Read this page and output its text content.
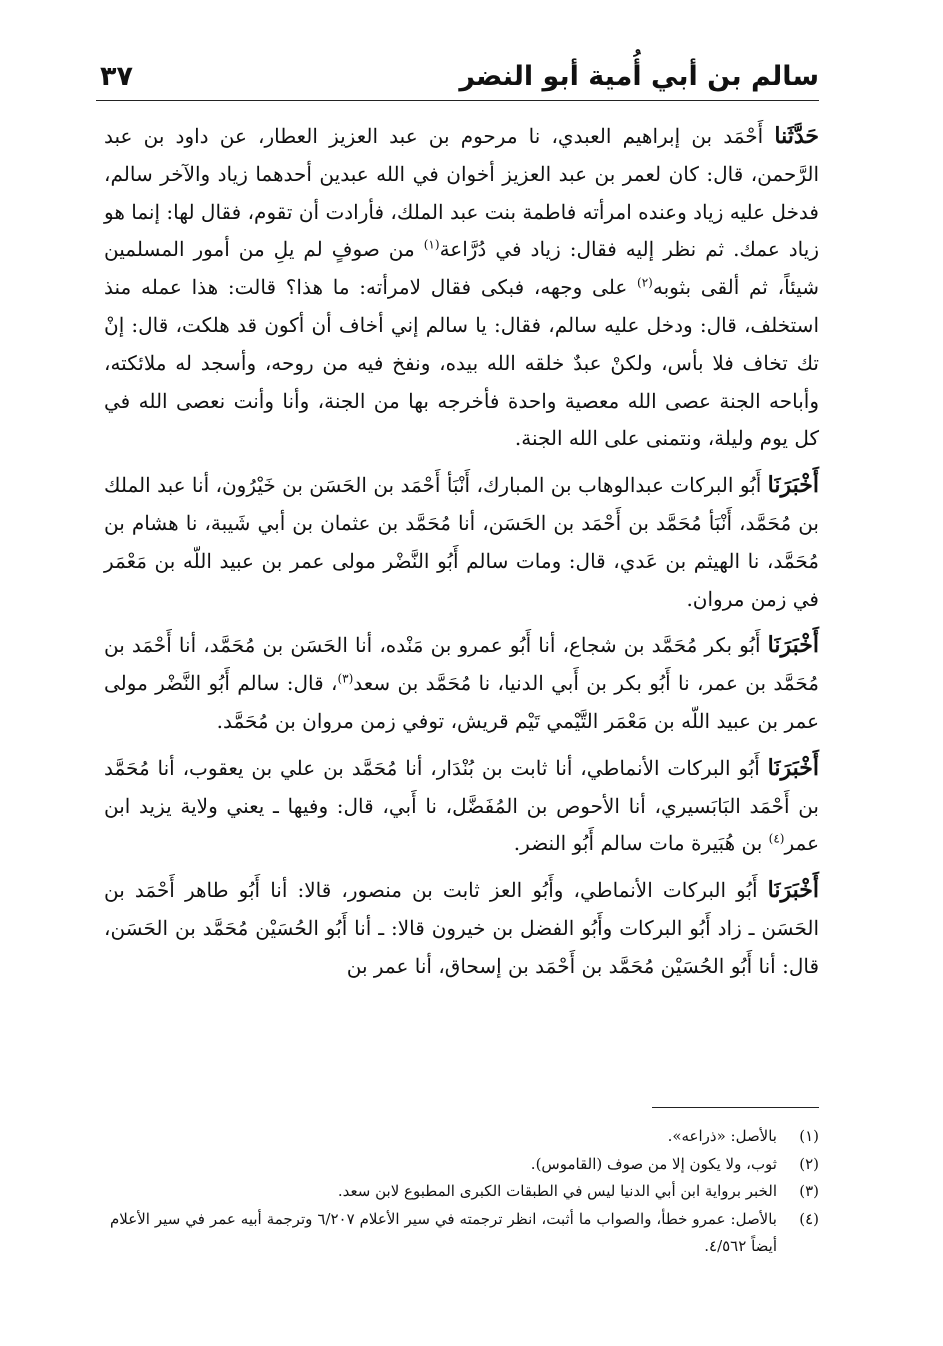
سالم بن أبي أُمية أبو النضر
٣٧

حَدَّثَنا أَحْمَد بن إبراهيم العبدي، نا مرحوم بن عبد العزيز العطار، عن داود بن عبد الرَّحمن، قال: كان لعمر بن عبد العزيز أخوان في الله عبدين أحدهما زياد والآخر سالم، فدخل عليه زياد وعنده امرأته فاطمة بنت عبد الملك، فأرادت أن تقوم، فقال لها: إنما هو زياد عمك. ثم نظر إليه فقال: زياد في دُرَّاعة$^{(١)}$ من صوفٍ لم يلِ من أمور المسلمين شيئاً، ثم ألقى بثوبه$^{(٢)}$ على وجهه، فبكى فقال لامرأته: ما هذا؟ قالت: هذا عمله منذ استخلف، قال: ودخل عليه سالم، فقال: يا سالم إني أخاف أن أكون قد هلكت، قال: إنْ تك تخاف فلا بأس، ولكنْ عبدٌ خلقه الله بيده، ونفخ فيه من روحه، وأسجد له ملائكته، وأباحه الجنة عصى الله معصية واحدة فأخرجه بها من الجنة، وأنا وأنت نعصى الله في كل يوم وليلة، ونتمنى على الله الجنة.

أَخْبَرَنَا أَبُو البركات عبدالوهاب بن المبارك، أَنْبَأ أَحْمَد بن الحَسَن بن خَيْرُون، أنا عبد الملك بن مُحَمَّد، أَنْبَأ مُحَمَّد بن أَحْمَد بن الحَسَن، أنا مُحَمَّد بن عثمان بن أبي شَيبة، نا هشام بن مُحَمَّد، نا الهيثم بن عَدي، قال: ومات سالم أَبُو النَّضْر مولى عمر بن عبيد اللّه بن مَعْمَر في زمن مروان.

أَخْبَرَنَا أَبُو بكر مُحَمَّد بن شجاع، أنا أَبُو عمرو بن مَنْده، أنا الحَسَن بن مُحَمَّد، أنا أَحْمَد بن مُحَمَّد بن عمر، نا أَبُو بكر بن أَبي الدنيا، نا مُحَمَّد بن سعد$^{(٣)}$، قال: سالم أَبُو النَّضْر مولى عمر بن عبيد اللّه بن مَعْمَر التَّيْمي تَيْم قريش، توفي زمن مروان بن مُحَمَّد.

أَخْبَرَنَا أَبُو البركات الأنماطي، أنا ثابت بن بُنْدَار، أنا مُحَمَّد بن علي بن يعقوب، أنا مُحَمَّد بن أَحْمَد البَابَسيري، أنا الأحوص بن المُفَضَّل، نا أَبي، قال: وفيها ـ يعني ولاية يزيد ابن عمر$^{(٤)}$ بن هُبَيرة مات سالم أَبُو النضر.

أَخْبَرَنَا أَبُو البركات الأنماطي، وأَبُو العز ثابت بن منصور، قالا: أنا أَبُو طاهر أَحْمَد بن الحَسَن ـ زاد أَبُو البركات وأَبُو الفضل بن خيرون قالا: ـ أنا أَبُو الحُسَيْن مُحَمَّد بن الحَسَن، قال: أنا أَبُو الحُسَيْن مُحَمَّد بن أَحْمَد بن إسحاق، أنا عمر بن

(١)
بالأصل: «ذراعه».
(٢)
ثوب، ولا يكون إلا من صوف (القاموس).
(٣)
الخبر برواية ابن أبي الدنيا ليس في الطبقات الكبرى المطبوع لابن سعد.
(٤)
بالأصل: عمرو خطأ، والصواب ما أثبت، انظر ترجمته في سير الأعلام ٦/٢٠٧ وترجمة أبيه عمر في سير الأعلام أيضاً ٤/٥٦٢.
